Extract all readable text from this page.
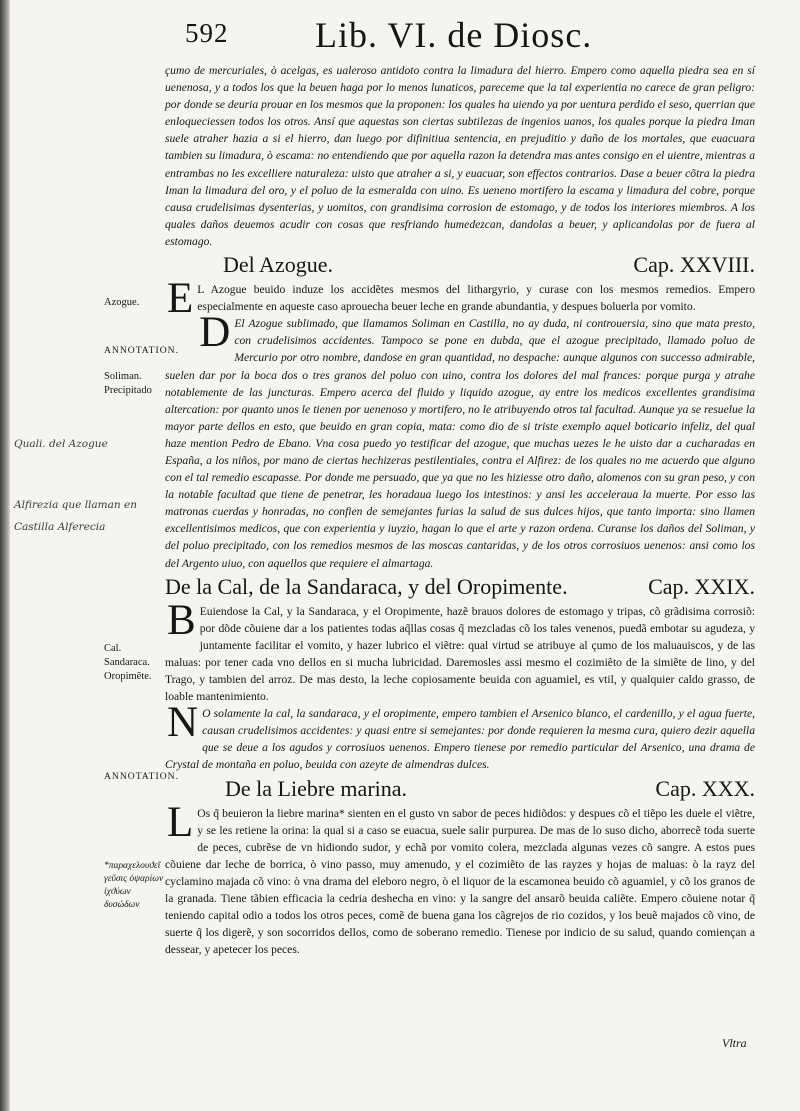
592 Lib. VI. de Diosc.
Azogue.
ANNOTATION.
Soliman.
Precipitado
Quali. del Azogue
Alfirezia que llaman en Castilla Alferecia
Cal.
Sandaraca.
Oropimẽte.
ANNOTATION.
*παραχελουϑεῖ γεῦσις ὀψαρίων ἰχϑύων δυσώδων

çumo de mercuriales, ò acelgas, es ualeroso antidoto contra la limadura del hierro. Empero como aquella piedra sea en sí uenenosa, y a todos los que la beuen haga por lo menos lunaticos, pareceme que la tal experientia no carece de gran peligro: por donde se deuria prouar en los mesmos que la proponen: los quales ha uiendo ya por uentura perdido el seso, querrian que enloqueciessen todos los otros. Ansí que aquestas son ciertas subtilezas de ingenios uanos, los quales porque la piedra Iman suele atraher hazia a si el hierro, dan luego por difinitiua sentencia, en prejuditio y daño de los mortales, que euacuara tambien su limadura, ò escama: no entendiendo que por aquella razon la detendra mas antes consigo en el uientre, mientras a entrambas no les excelliere naturaleza: uisto que atraher a si, y euacuar, son effectos contrarios. Dase a beuer cõtra la piedra Iman la limadura del oro, y el poluo de la esmeralda con uino. Es ueneno mortifero la escama y limadura del cobre, porque causa crudelisimas dysenterias, y uomitos, con grandisima corrosion de estomago, y de todos los interiores miembros. A los quales daños deuemos acudir con cosas que resfriando humedezcan, dandolas a beuer, y aplicandolas por de fuera al estomago.

Del Azogue.	Cap. XXVIII.

E L Azogue beuido induze los accidẽtes mesmos del lithargyrio, y curase con los mesmos remedios. Empero especialmente en aqueste caso aprouecha beuer leche en grande abundantia, y despues boluerla por vomito.

D El Azogue sublimado, que llamamos Soliman en Castilla, no ay duda, ni controuersia, sino que mata presto, con crudelisimos accidentes. Tampoco se pone en dubda, que el azogue precipitado, llamado poluo de Mercurio por otro nombre, dandose en gran quantidad, no despache: aunque algunos con successo admirable, suelen dar por la boca dos o tres granos del poluo con uino, contra los dolores del mal frances: porque purga y atrahe notablemente de las juncturas. Empero acerca del fluido y liquido azogue, ay entre los medicos excellentes grandisima altercation: por quanto unos le tienen por uenenoso y mortifero, no le atribuyendo otros tal facultad. Aunque ya se resuelue la mayor parte dellos en esto, que beuido en gran copia, mata: como dio de si triste exemplo aquel boticario infeliz, del qual haze mention Pedro de Ebano. Vna cosa puedo yo testificar del azogue, que muchas uezes le he uisto dar a cucharadas en España, a los niños, por mano de ciertas hechizeras pestilentiales, contra el Alfirez: de los quales no me acuerdo que alguno con el tal remedio escapasse. Por donde me persuado, que ya que no les hiziesse otro daño, alomenos con su gran peso, y con la notable facultad que tiene de penetrar, les horadaua luego los intestinos: y ansi les acceleraua la muerte. Por esso las matronas cuerdas y honradas, no confien de semejantes furias la salud de sus dulces hijos, que tanto importa: sino llamen excellentisimos medicos, que con experientia y iuyzio, hagan lo que el arte y razon ordena. Curanse los daños del Soliman, y del poluo precipitado, con los remedios mesmos de las moscas cantaridas, y de los otros corrosiuos uenenos: ansi como los del Argento uiuo, con aquellos que requiere el almartaga.

De la Cal, de la Sandaraca, y del Oropimente.	Cap. XXIX.

B Euiendose la Cal, y la Sandaraca, y el Oropimente, hazẽ brauos dolores de estomago y tripas, cõ grãdisima corrosiõ: por dõde cõuiene dar a los patientes todas aq̃llas cosas q̃ mezcladas cõ los tales venenos, puedã embotar su agudeza, y juntamente facilitar el vomito, y hazer lubrico el viẽtre: qual virtud se atribuye al çumo de los maluauiscos, y de las maluas: por tener cada vno dellos en si mucha lubricidad. Daremosles assi mesmo el cozimiẽto de la simiẽte de lino, y del Trago, y tambien del arroz. De mas desto, la leche copiosamente beuida con aguamiel, es vtil, y qualquier caldo grasso, de loable mantenimiento.

N O solamente la cal, la sandaraca, y el oropimente, empero tambien el Arsenico blanco, el cardenillo, y el agua fuerte, causan crudelisimos accidentes: y quasi entre si semejantes: por donde requieren la mesma cura, quiero dezir aquella que se deue a los agudos y corrosiuos uenenos. Empero tienese por remedio particular del Arsenico, una drama de Crystal de montaña en poluo, beuida con azeyte de almendras dulces.

De la Liebre marina.	Cap. XXX.

L Os q̃ beuieron la liebre marina* sienten en el gusto vn sabor de peces hidiõdos: y despues cõ el tiẽpo les duele el viẽtre, y se les retiene la orina: la qual si a caso se euacua, suele salir purpurea. De mas de lo suso dicho, aborrecẽ toda suerte de peces, cubrẽse de vn hidiondo sudor, y echã por vomito colera, mezclada algunas vezes cõ sangre. A estos pues cõuiene dar leche de borrica, ò vino passo, muy amenudo, y el cozimiẽto de las rayzes y hojas de maluas: ò la rayz del cyclamino majada cõ vino: ò vna drama del eleboro negro, ò el liquor de la escamonea beuido cõ aguamiel, y cõ los granos de la granada. Tiene tãbien efficacia la cedria deshecha en vino: y la sangre del ansarõ beuida caliẽte. Empero cõuiene notar q̃ teniendo capital odio a todos los otros peces, comẽ de buena gana los cãgrejos de rio cozidos, y los beuẽ majados cõ vino, de suerte q̃ los digerẽ, y son socorridos dellos, como de soberano remedio. Tienese por indicio de su salud, quando comiençan a dessear, y apetecer los peces.

Vltra
